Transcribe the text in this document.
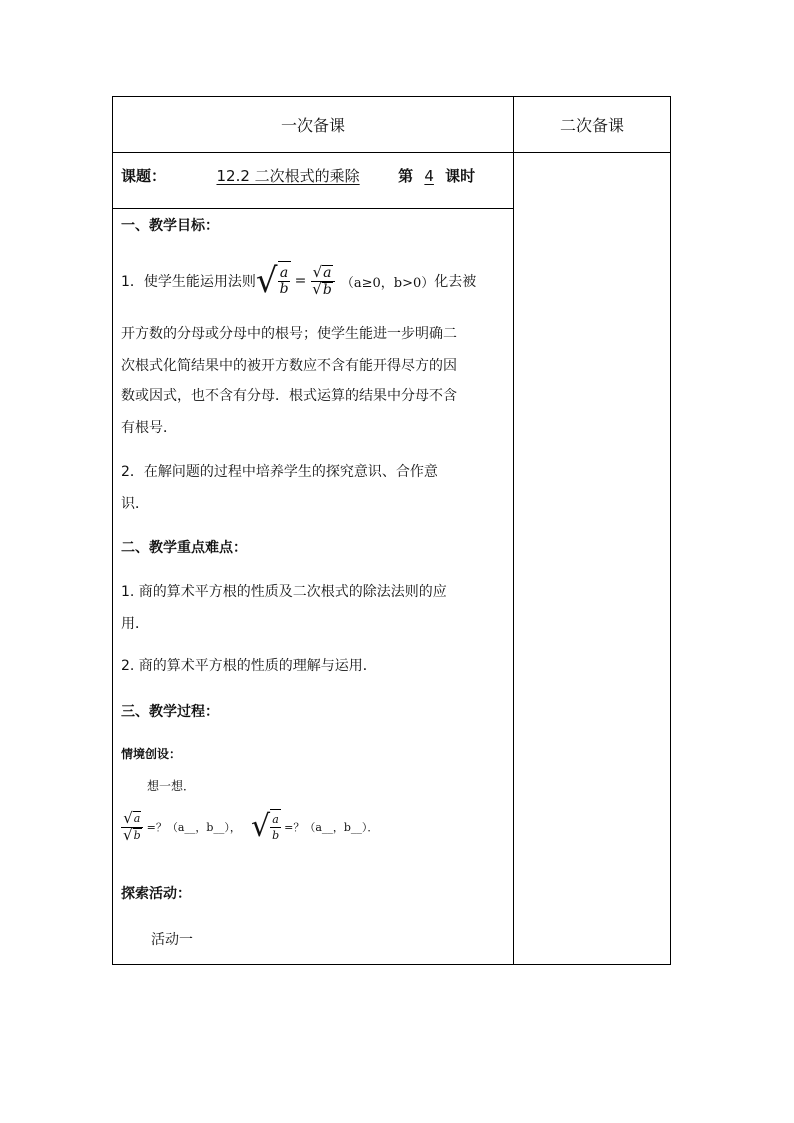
一次备课	二次备课
课题：	12.2 二次根式的乘除	第 4 课时
一、教学目标：
1．使学生能运用法则 √ $\frac{a}{b} = \frac{√ a}{√ b} (a\ge 0$，b>0） 化去被
开方数的分母或分母中的根号；使学生能进一步明确二
次根式化简结果中的被开方数应不含有能开得尽方的因
数或因式，也不含有分母．根式运算的结果中分母不含
有根号．
2．在解问题的过程中培养学生的探究意识、合作意
识．
二、教学重点难点：
1. 商的算术平方根的性质及二次根式的除法法则的应
用．
2. 商的算术平方根的性质的理解与运用．
三、教学过程：
情境创设：
想一想．
$\frac{√ a}{√ b}$ =？（a__，b__）， √ $\frac{a}{b}$ =？（a__，b__）．
探索活动：
活动一
